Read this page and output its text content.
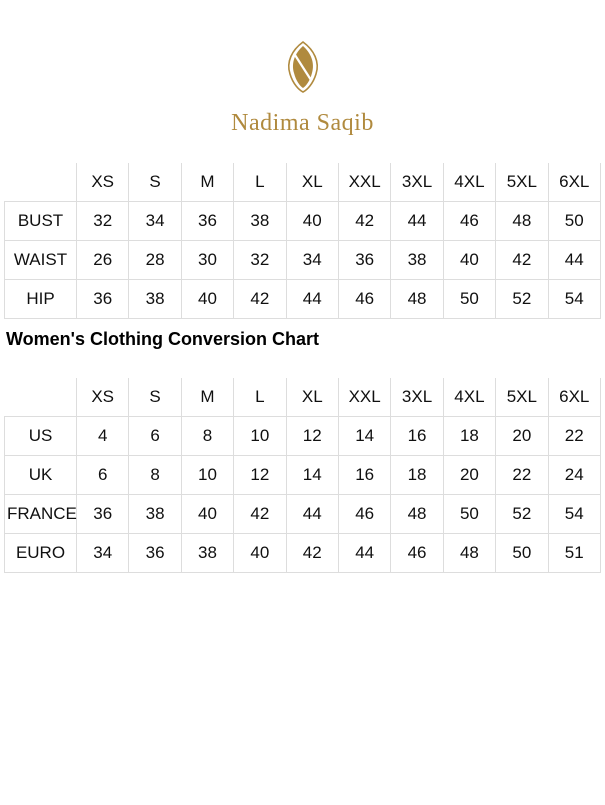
Nadima Saqib
	XS	S	M	L	XL	XXL	3XL	4XL	5XL	6XL
BUST	32	34	36	38	40	42	44	46	48	50
WAIST	26	28	30	32	34	36	38	40	42	44
HIP	36	38	40	42	44	46	48	50	52	54
Women's Clothing Conversion Chart
	XS	S	M	L	XL	XXL	3XL	4XL	5XL	6XL
US	4	6	8	10	12	14	16	18	20	22
UK	6	8	10	12	14	16	18	20	22	24
FRANCE	36	38	40	42	44	46	48	50	52	54
EURO	34	36	38	40	42	44	46	48	50	51
